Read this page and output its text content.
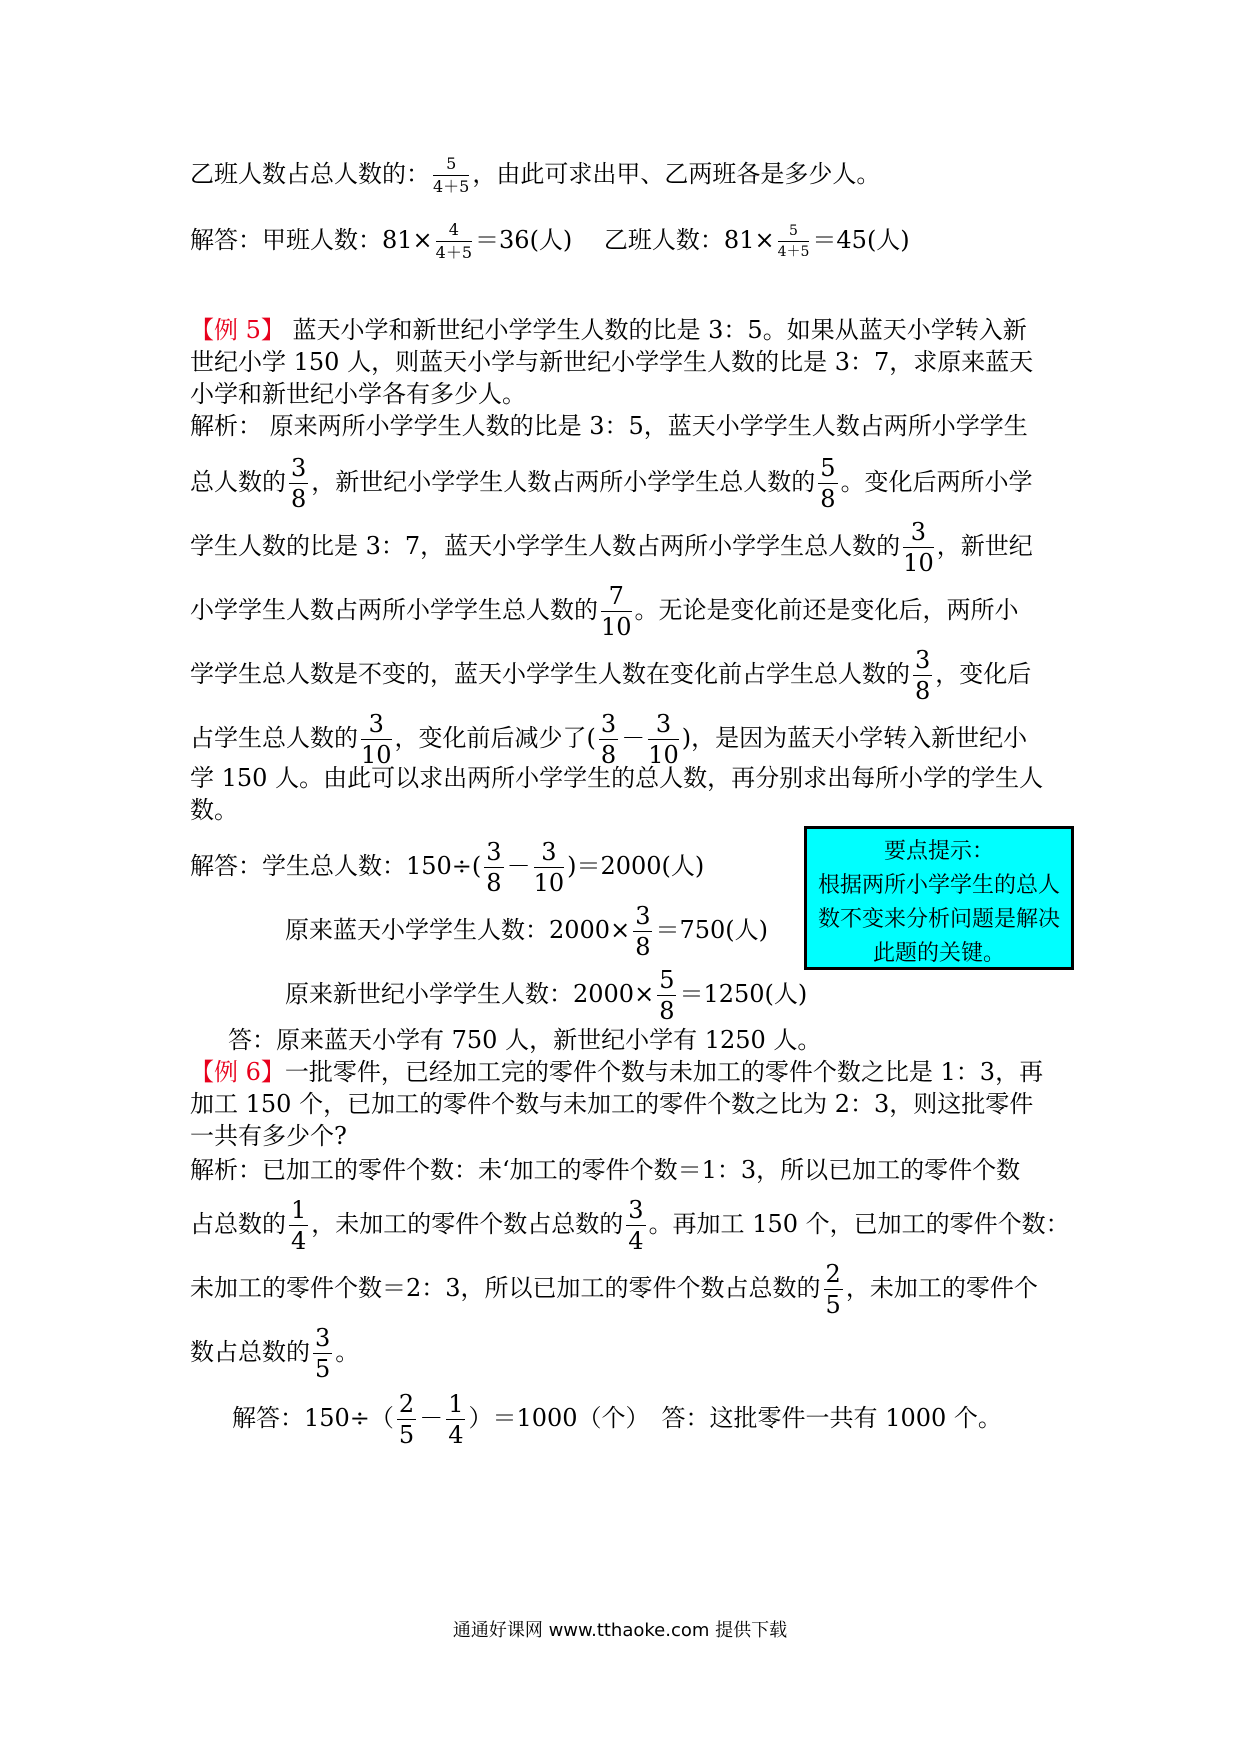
乙班人数占总人数的： $\frac{5}{4+5}$ ，由此可求出甲、乙两班各是多少人。
解答：甲班人数：$81\times \frac{4}{4+5} =36$(人)　 乙班人数：$81\times \frac{5}{4+5} =45$(人)
【例 5】 蓝天小学和新世纪小学学生人数的比是 3：5。如果从蓝天小学转入新
世纪小学 150 人，则蓝天小学与新世纪小学学生人数的比是 3：7，求原来蓝天
小学和新世纪小学各有多少人。
解析： 原来两所小学学生人数的比是 3：5，蓝天小学学生人数占两所小学学生
总人数的 $\frac{3}{8}$ ，新世纪小学学生人数占两所小学学生总人数的 $\frac{5}{8}$ 。变化后两所小学
学生人数的比是 3：7，蓝天小学学生人数占两所小学学生总人数的 $\frac{3}{10}$ ，新世纪
小学学生人数占两所小学学生总人数的 $\frac{7}{10}$ 。无论是变化前还是变化后，两所小
学学生总人数是不变的，蓝天小学学生人数在变化前占学生总人数的 $\frac{3}{8}$ ，变化后
占学生总人数的 $\frac{3}{10}$ ，变化前后减少了( $\frac{3}{8} - \frac{3}{10}$ )，是因为蓝天小学转入新世纪小
学 150 人。由此可以求出两所小学学生的总人数，再分别求出每所小学的学生人
数。
解答：学生总人数：$150\div( \frac{3}{8} - \frac{3}{10} )=2000$(人)
原来蓝天小学学生人数：$2000\times \frac{3}{8} =750$(人)
原来新世纪小学学生人数：$2000\times \frac{5}{8} =1250$(人)
答：原来蓝天小学有 750 人，新世纪小学有 1250 人。
要点提示：
根据两所小学学生的总人
数不变来分析问题是解决
此题的关键。
【例 6】一批零件，已经加工完的零件个数与未加工的零件个数之比是 1：3，再
加工 150 个，已加工的零件个数与未加工的零件个数之比为 2：3，则这批零件
一共有多少个?
解析：已加工的零件个数：未‘加工的零件个数＝1：3，所以已加工的零件个数
占总数的 $\frac{1}{4}$ ，未加工的零件个数占总数的 $\frac{3}{4}$ 。再加工 150 个，已加工的零件个数：
未加工的零件个数＝2：3，所以已加工的零件个数占总数的 $\frac{2}{5}$ ，未加工的零件个
数占总数的 $\frac{3}{5}$ 。
解答：$150\div( \frac{2}{5} - \frac{1}{4} )=1000$（个）　答：这批零件一共有 1000 个。
通通好课网 www.tthaoke.com 提供下载
